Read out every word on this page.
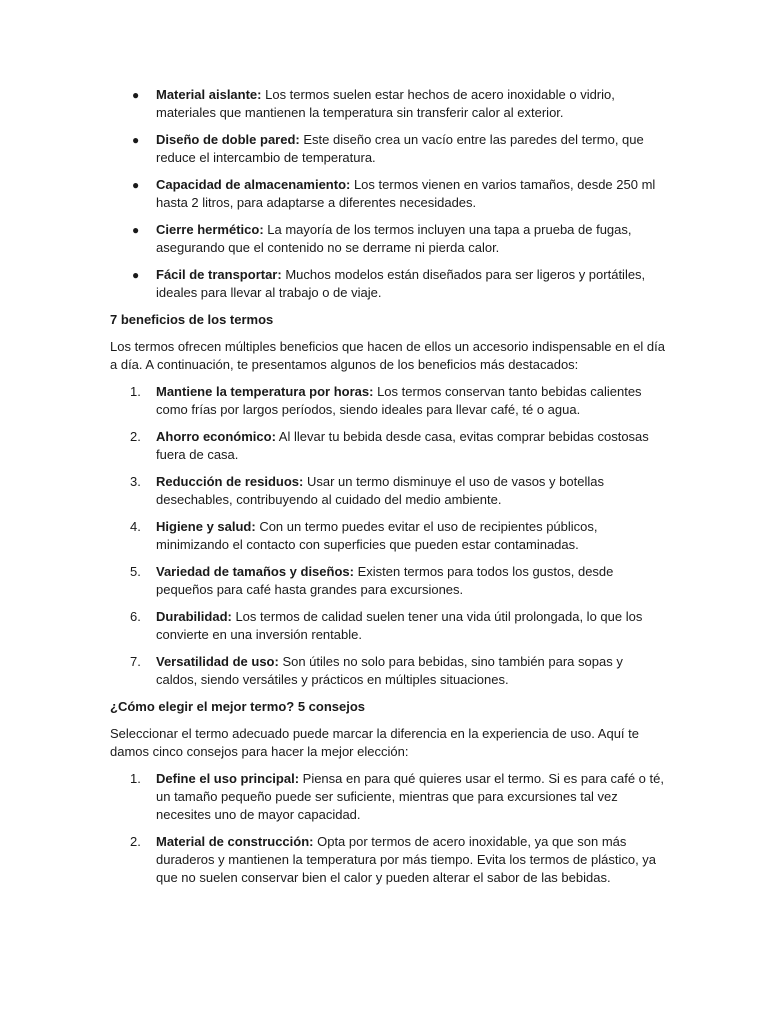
● Material aislante: Los termos suelen estar hechos de acero inoxidable o vidrio, materiales que mantienen la temperatura sin transferir calor al exterior.
● Diseño de doble pared: Este diseño crea un vacío entre las paredes del termo, que reduce el intercambio de temperatura.
● Capacidad de almacenamiento: Los termos vienen en varios tamaños, desde 250 ml hasta 2 litros, para adaptarse a diferentes necesidades.
● Cierre hermético: La mayoría de los termos incluyen una tapa a prueba de fugas, asegurando que el contenido no se derrame ni pierda calor.
● Fácil de transportar: Muchos modelos están diseñados para ser ligeros y portátiles, ideales para llevar al trabajo o de viaje.

7 beneficios de los termos

Los termos ofrecen múltiples beneficios que hacen de ellos un accesorio indispensable en el día a día. A continuación, te presentamos algunos de los beneficios más destacados:

1. Mantiene la temperatura por horas: Los termos conservan tanto bebidas calientes como frías por largos períodos, siendo ideales para llevar café, té o agua.
2. Ahorro económico: Al llevar tu bebida desde casa, evitas comprar bebidas costosas fuera de casa.
3. Reducción de residuos: Usar un termo disminuye el uso de vasos y botellas desechables, contribuyendo al cuidado del medio ambiente.
4. Higiene y salud: Con un termo puedes evitar el uso de recipientes públicos, minimizando el contacto con superficies que pueden estar contaminadas.
5. Variedad de tamaños y diseños: Existen termos para todos los gustos, desde pequeños para café hasta grandes para excursiones.
6. Durabilidad: Los termos de calidad suelen tener una vida útil prolongada, lo que los convierte en una inversión rentable.
7. Versatilidad de uso: Son útiles no solo para bebidas, sino también para sopas y caldos, siendo versátiles y prácticos en múltiples situaciones.

¿Cómo elegir el mejor termo? 5 consejos

Seleccionar el termo adecuado puede marcar la diferencia en la experiencia de uso. Aquí te damos cinco consejos para hacer la mejor elección:

1. Define el uso principal: Piensa en para qué quieres usar el termo. Si es para café o té, un tamaño pequeño puede ser suficiente, mientras que para excursiones tal vez necesites uno de mayor capacidad.
2. Material de construcción: Opta por termos de acero inoxidable, ya que son más duraderos y mantienen la temperatura por más tiempo. Evita los termos de plástico, ya que no suelen conservar bien el calor y pueden alterar el sabor de las bebidas.
